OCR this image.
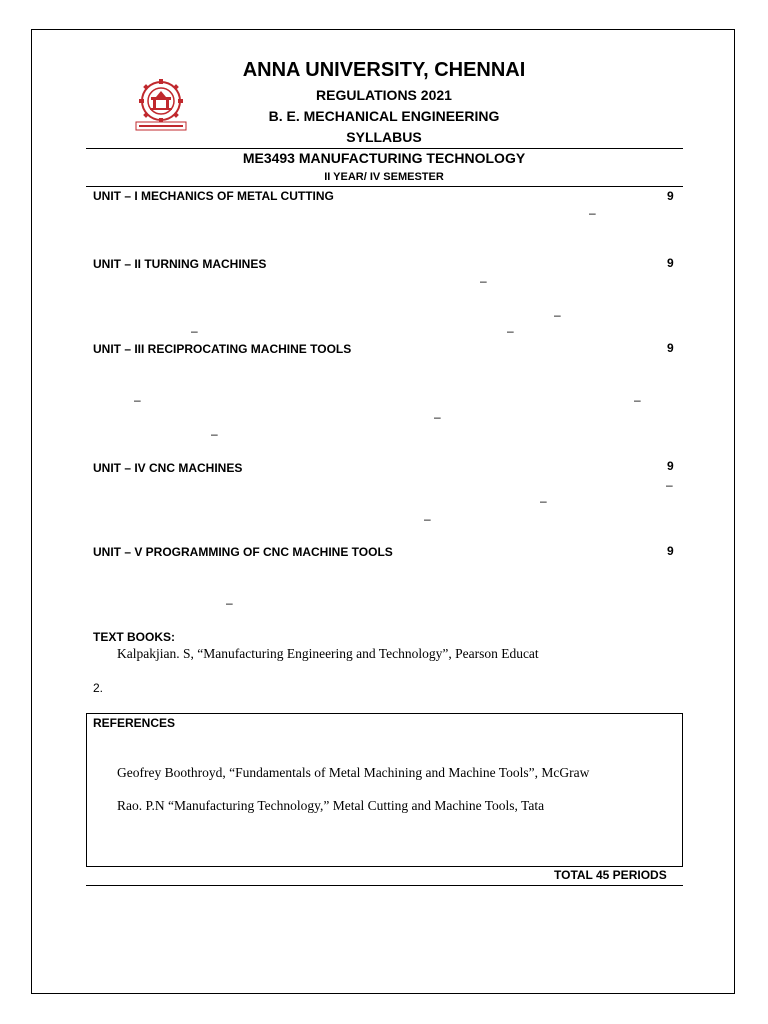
ANNA UNIVERSITY, CHENNAI
REGULATIONS 2021
B. E. MECHANICAL ENGINEERING
SYLLABUS
ME3493 MANUFACTURING TECHNOLOGY
II YEAR/ IV SEMESTER
UNIT – I MECHANICS OF METAL CUTTING	9
–
UNIT – II TURNING MACHINES	9
–
–
–	–
UNIT – III RECIPROCATING MACHINE TOOLS	9
–	–
–
–
UNIT – IV CNC MACHINES	9
–
–
–
UNIT – V PROGRAMMING OF CNC MACHINE TOOLS	9
–
TEXT BOOKS:
Kalpakjian. S, “Manufacturing Engineering and Technology”, Pearson Educat
2.
REFERENCES
Geofrey Boothroyd, “Fundamentals of Metal Machining and Machine Tools”, McGraw
Rao. P.N “Manufacturing Technology,” Metal Cutting and Machine Tools, Tata
TOTAL 45 PERIODS
